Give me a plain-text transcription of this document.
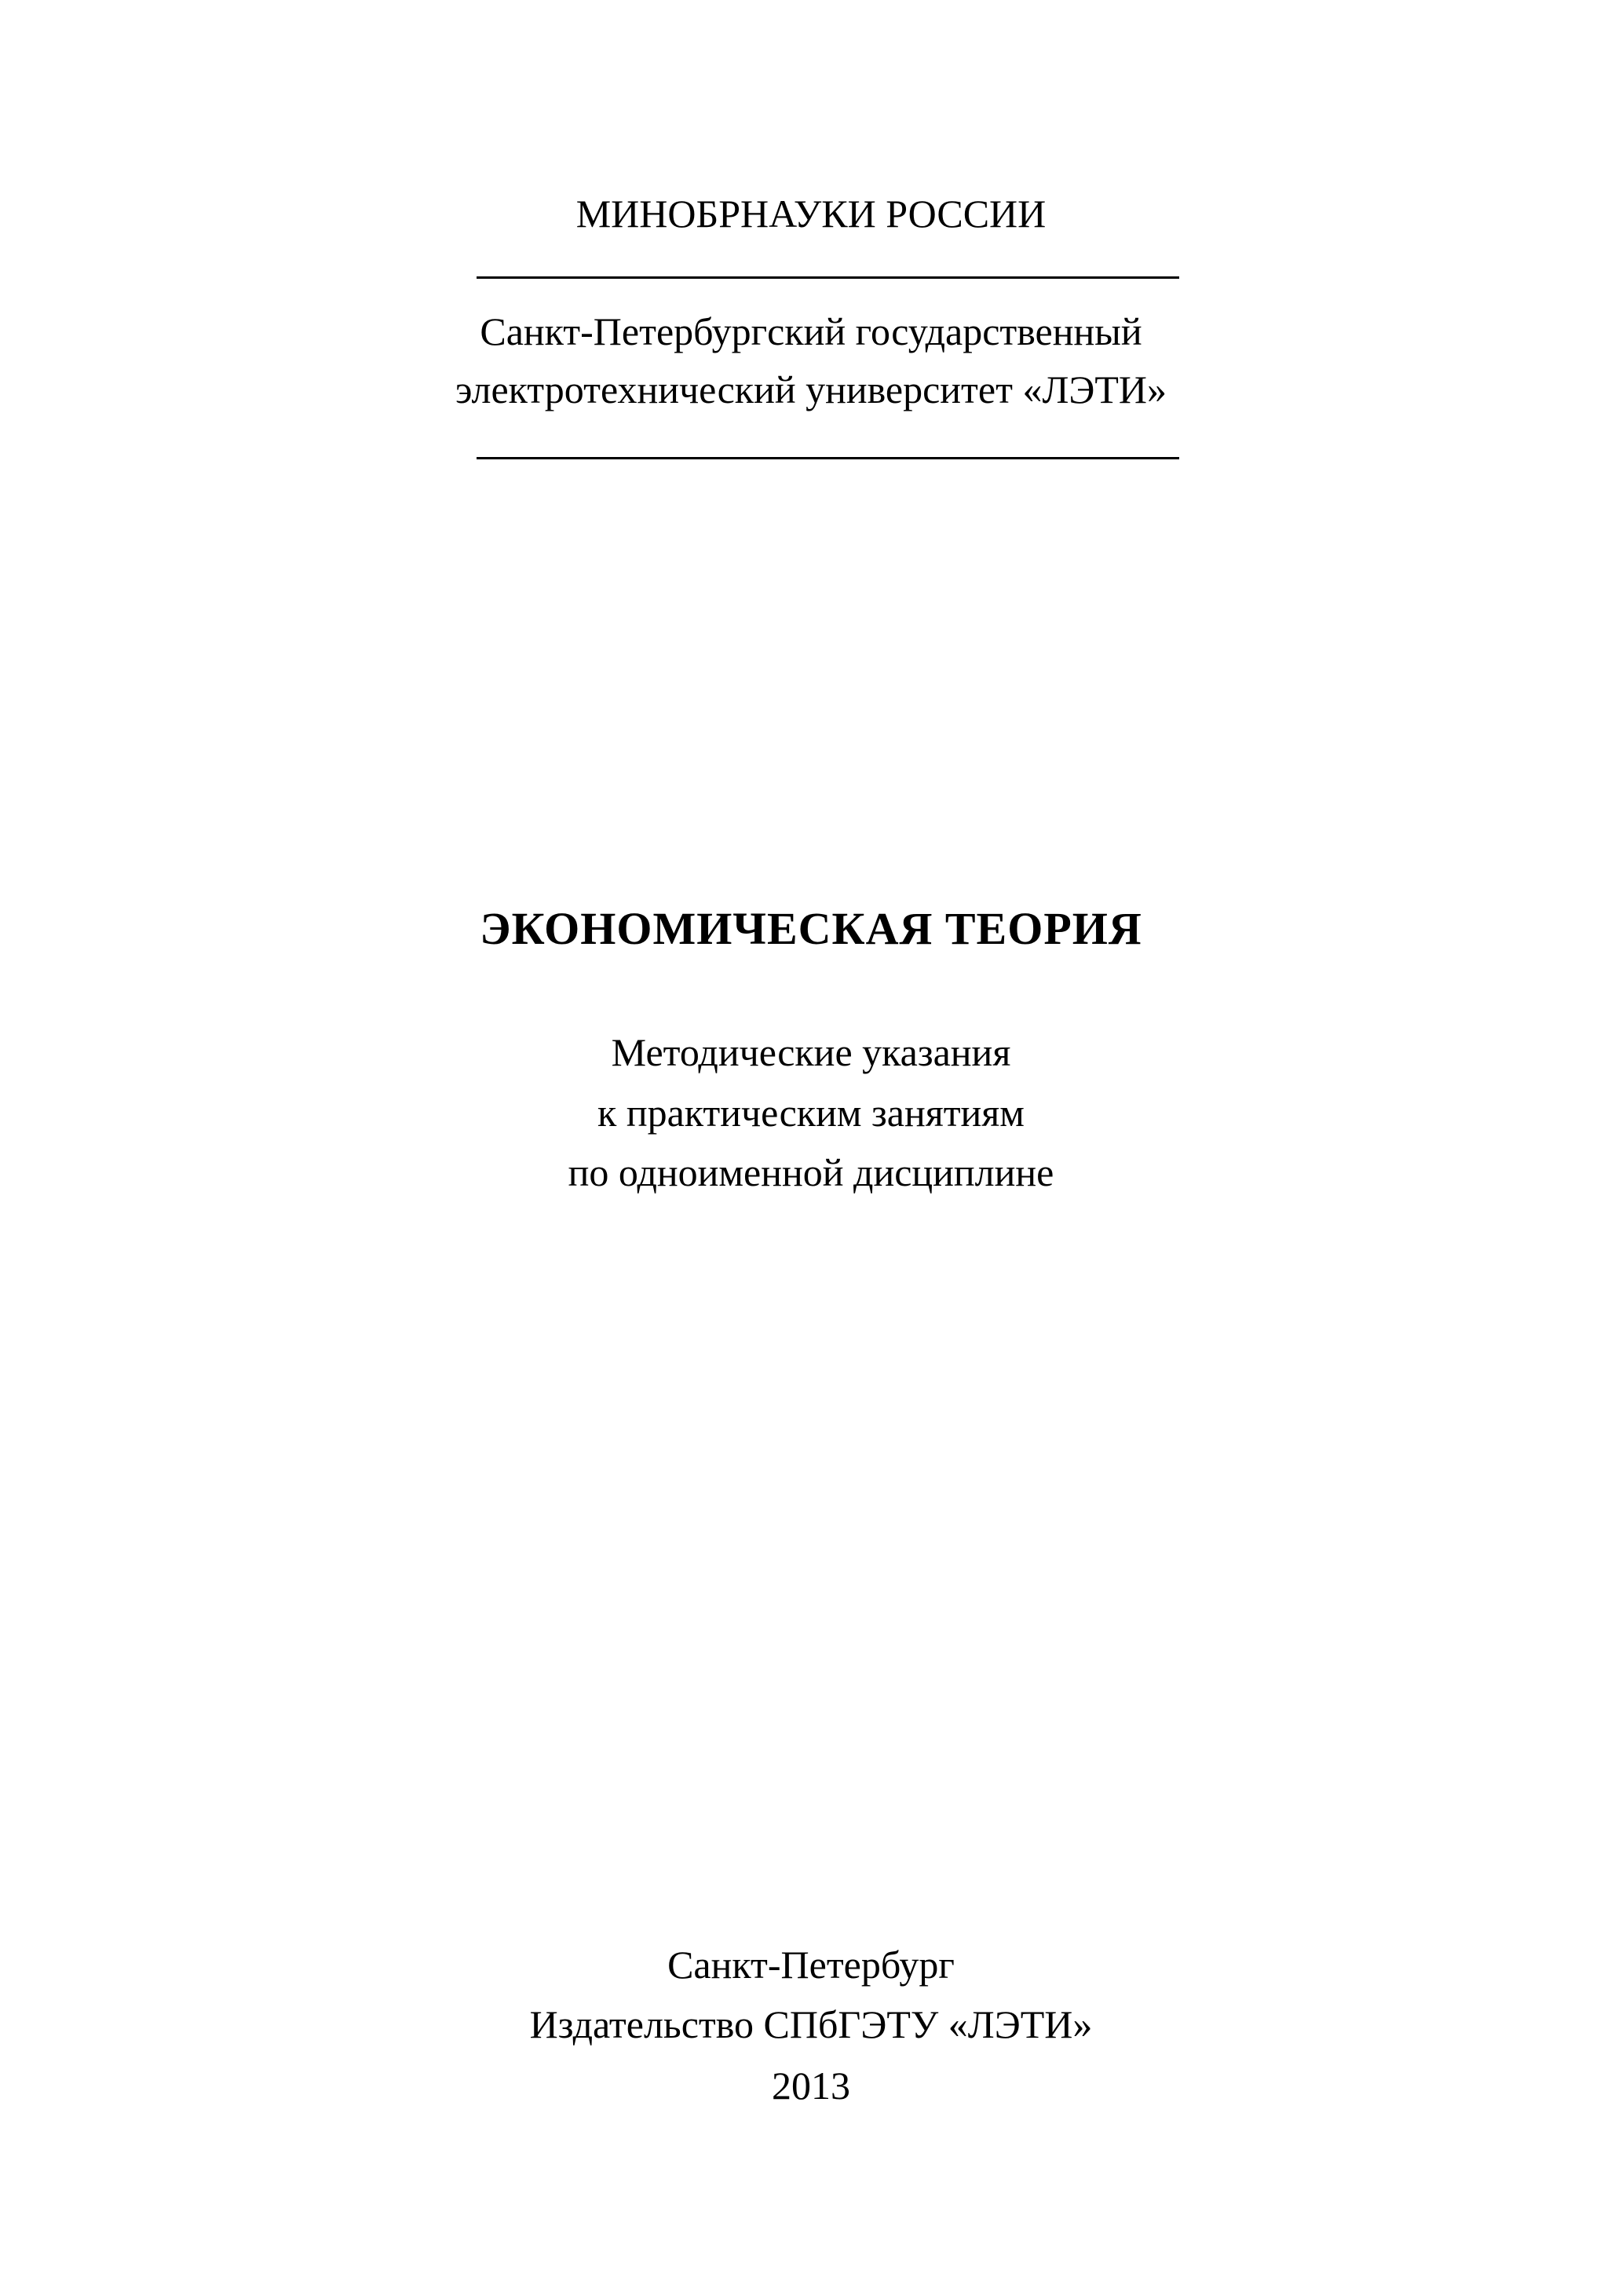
МИНОБРНАУКИ РОССИИ
Санкт-Петербургский государственный
электротехнический университет «ЛЭТИ»
ЭКОНОМИЧЕСКАЯ ТЕОРИЯ
Методические указания
к практическим занятиям
по одноименной дисциплине
Санкт-Петербург
Издательство СПбГЭТУ «ЛЭТИ»
2013
